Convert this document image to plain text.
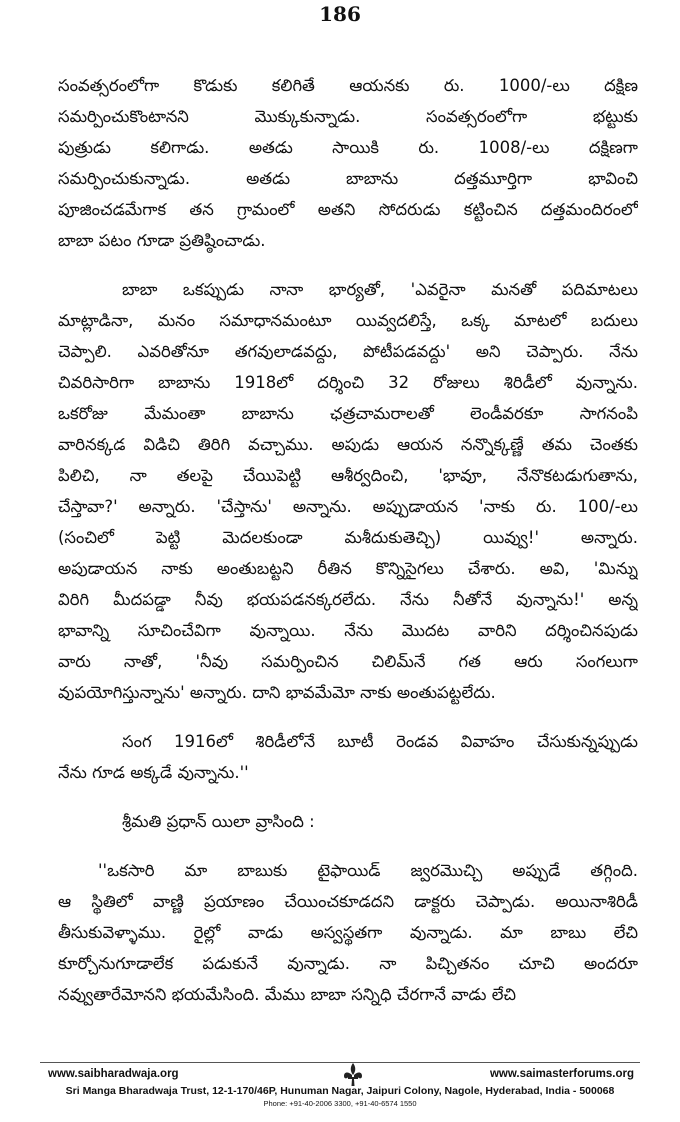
186
సంవత్సరంలోగా కొడుకు కలిగితే ఆయనకు రు. 1000/-లు దక్షిణ
సమర్పించుకొంటానని మొక్కుకున్నాడు. సంవత్సరంలోగా భట్టుకు
పుత్రుడు కలిగాడు. అతడు సాయికి రు. 1008/-లు దక్షిణగా
సమర్పించుకున్నాడు. అతడు బాబాను దత్తమూర్తిగా భావించి
పూజించడమేగాక తన గ్రామంలో అతని సోదరుడు కట్టించిన దత్తమందిరంలో
బాబా పటం గూడా ప్రతిష్ఠించాడు.
బాబా ఒకప్పుడు నానా భార్యతో, 'ఎవరైనా మనతో పదిమాటలు
మాట్లాడినా, మనం సమాధానమంటూ యివ్వదలిస్తే, ఒక్క మాటలో బదులు
చెప్పాలి. ఎవరితోనూ తగవులాడవద్దు, పోటీపడవద్దు' అని చెప్పారు. నేను
చివరిసారిగా బాబాను 1918లో దర్శించి 32 రోజులు శిరిడీలో వున్నాను.
ఒకరోజు మేమంతా బాబాను ఛత్రచామరాలతో లెండీవరకూ సాగనంపి
వారినక్కడ విడిచి తిరిగి వచ్చాము. అపుడు ఆయన నన్నొక్కణ్ణే తమ చెంతకు
పిలిచి, నా తలపై చేయిపెట్టి ఆశీర్వదించి, 'భావూ, నేనొకటడుగుతాను,
చేస్తావా?' అన్నారు. 'చేస్తాను' అన్నాను. అప్పుడాయన 'నాకు రు. 100/-లు
(సంచిలో పెట్టి మెదలకుండా మశీదుకుతెచ్చి) యివ్వు!' అన్నారు.
అపుడాయన నాకు అంతుబట్టని రీతిన కొన్నిసైగలు చేశారు. అవి, 'మిన్ను
విరిగి మీదపడ్డా నీవు భయపడనక్కరలేదు. నేను నీతోనే వున్నాను!' అన్న
భావాన్ని సూచించేవిగా వున్నాయి. నేను మొదట వారిని దర్శించినపుడు
వారు నాతో, 'నీవు సమర్పించిన చిలిమ్‌నే గత ఆరు సంగలుగా
వుపయోగిస్తున్నాను' అన్నారు. దాని భావమేమో నాకు అంతుపట్టలేదు.
సంగ 1916లో శిరిడీలోనే బూటీ రెండవ వివాహం చేసుకున్నప్పుడు
నేను గూడ అక్కడే వున్నాను.''
శ్రీమతి ప్రధాన్ యిలా వ్రాసింది :
''ఒకసారి మా బాబుకు టైఫాయిడ్ జ్వరమొచ్చి అప్పుడే తగ్గింది.
ఆ స్థితిలో వాణ్ణి ప్రయాణం చేయించకూడదని డాక్టరు చెప్పాడు. అయినాశిరిడీ
తీసుకువెళ్ళాము. రైల్లో వాడు అస్వస్థతగా వున్నాడు. మా బాబు లేచి
కూర్చోనుగూడాలేక పడుకునే వున్నాడు. నా పిచ్చితనం చూచి అందరూ
నవ్వుతారేమోనని భయమేసింది. మేము బాబా సన్నిధి చేరగానే వాడు లేచి
www.saibharadwaja.org	www.saimasterforums.org
Sri Manga Bharadwaja Trust, 12-1-170/46P, Hunuman Nagar, Jaipuri Colony, Nagole, Hyderabad, India - 500068
Phone: +91-40-2006 3300, +91-40-6574 1550
